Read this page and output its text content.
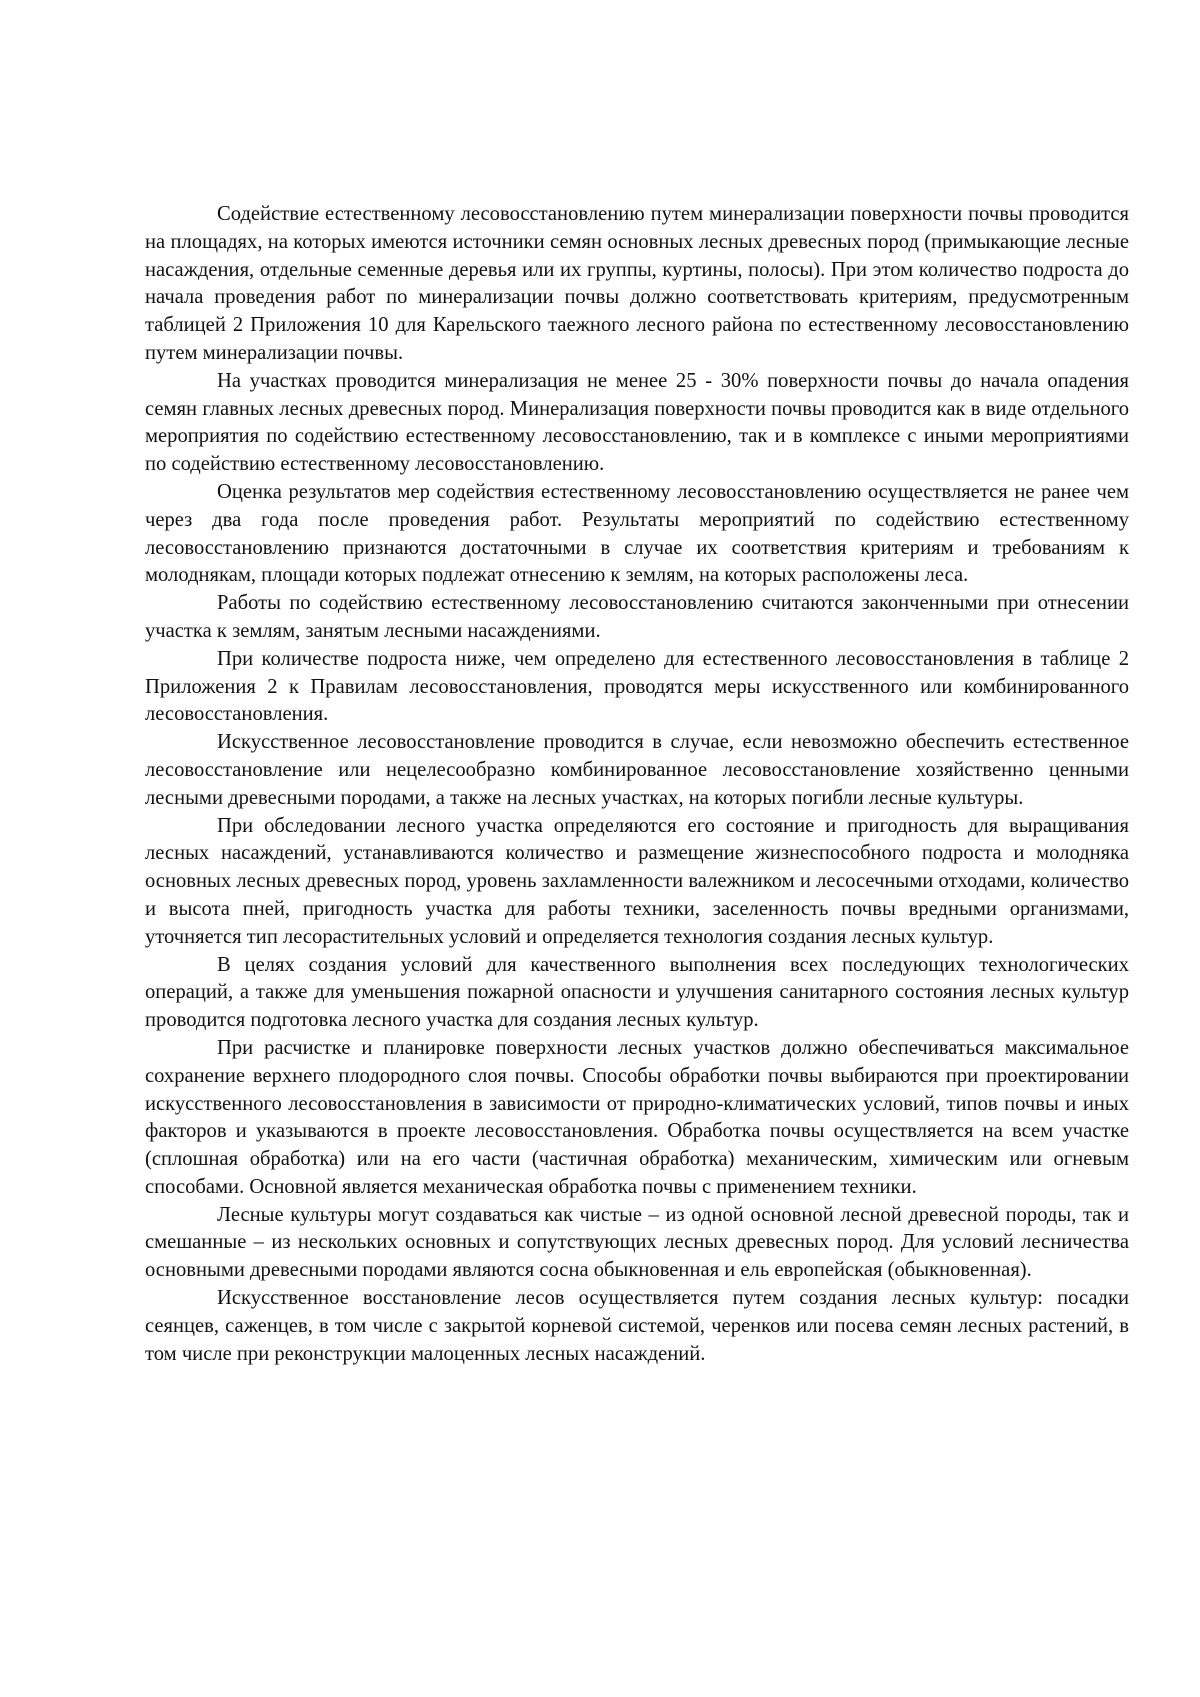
Содействие естественному лесовосстановлению путем минерализации поверхности почвы проводится на площадях, на которых имеются источники семян основных лесных древесных пород (примыкающие лесные насаждения, отдельные семенные деревья или их группы, куртины, полосы). При этом количество подроста до начала проведения работ по минерализации почвы должно соответствовать критериям, предусмотренным таблицей 2 Приложения 10 для Карельского таежного лесного района по естественному лесовосстановлению путем минерализации почвы.

На участках проводится минерализация не менее 25 - 30% поверхности почвы до начала опадения семян главных лесных древесных пород. Минерализация поверхности почвы проводится как в виде отдельного мероприятия по содействию естественному лесовосстановлению, так и в комплексе с иными мероприятиями по содействию естественному лесовосстановлению.

Оценка результатов мер содействия естественному лесовосстановлению осуществляется не ранее чем через два года после проведения работ. Результаты мероприятий по содействию естественному лесовосстановлению признаются достаточными в случае их соответствия критериям и требованиям к молоднякам, площади которых подлежат отнесению к землям, на которых расположены леса.

Работы по содействию естественному лесовосстановлению считаются законченными при отнесении участка к землям, занятым лесными насаждениями.

При количестве подроста ниже, чем определено для естественного лесовосстановления в таблице 2 Приложения 2 к Правилам лесовосстановления, проводятся меры искусственного или комбинированного лесовосстановления.

Искусственное лесовосстановление проводится в случае, если невозможно обеспечить естественное лесовосстановление или нецелесообразно комбинированное лесовосстановление хозяйственно ценными лесными древесными породами, а также на лесных участках, на которых погибли лесные культуры.

При обследовании лесного участка определяются его состояние и пригодность для выращивания лесных насаждений, устанавливаются количество и размещение жизнеспособного подроста и молодняка основных лесных древесных пород, уровень захламленности валежником и лесосечными отходами, количество и высота пней, пригодность участка для работы техники, заселенность почвы вредными организмами, уточняется тип лесорастительных условий и определяется технология создания лесных культур.

В целях создания условий для качественного выполнения всех последующих технологических операций, а также для уменьшения пожарной опасности и улучшения санитарного состояния лесных культур проводится подготовка лесного участка для создания лесных культур.

При расчистке и планировке поверхности лесных участков должно обеспечиваться максимальное сохранение верхнего плодородного слоя почвы. Способы обработки почвы выбираются при проектировании искусственного лесовосстановления в зависимости от природно-климатических условий, типов почвы и иных факторов и указываются в проекте лесовосстановления. Обработка почвы осуществляется на всем участке (сплошная обработка) или на его части (частичная обработка) механическим, химическим или огневым способами. Основной является механическая обработка почвы с применением техники.

Лесные культуры могут создаваться как чистые – из одной основной лесной древесной породы, так и смешанные – из нескольких основных и сопутствующих лесных древесных пород. Для условий лесничества основными древесными породами являются сосна обыкновенная и ель европейская (обыкновенная).

Искусственное восстановление лесов осуществляется путем создания лесных культур: посадки сеянцев, саженцев, в том числе с закрытой корневой системой, черенков или посева семян лесных растений, в том числе при реконструкции малоценных лесных насаждений.
